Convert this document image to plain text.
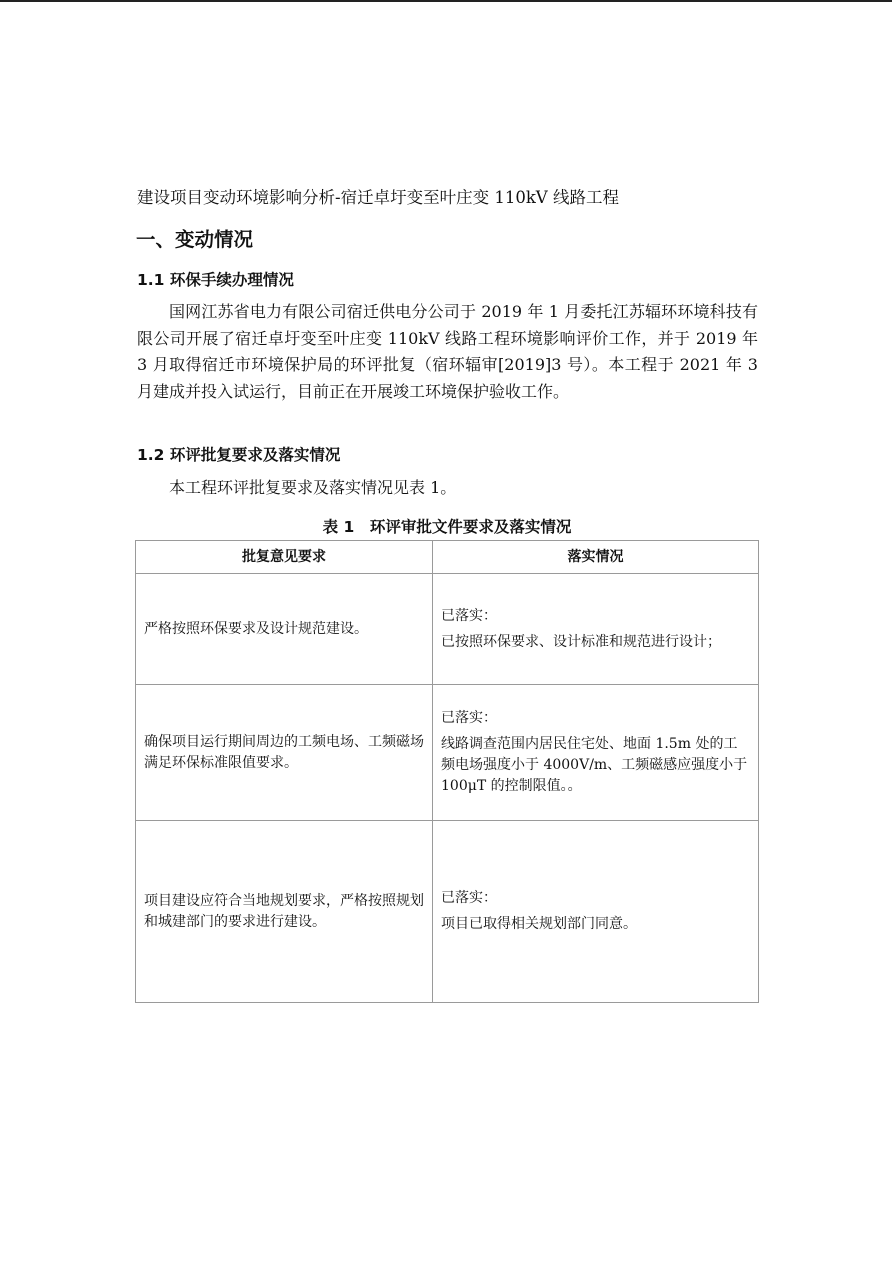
建设项目变动环境影响分析-宿迁卓圩变至叶庄变 110kV 线路工程

一、变动情况
1.1 环保手续办理情况

国网江苏省电力有限公司宿迁供电分公司于 2019 年 1 月委托江苏辐环环境科技有限公司开展了宿迁卓圩变至叶庄变 110kV 线路工程环境影响评价工作，并于 2019 年 3 月取得宿迁市环境保护局的环评批复（宿环辐审[2019]3 号）。本工程于 2021 年 3 月建成并投入试运行，目前正在开展竣工环境保护验收工作。

1.2 环评批复要求及落实情况

本工程环评批复要求及落实情况见表 1。

表 1　环评审批文件要求及落实情况

批复意见要求	落实情况
严格按照环保要求及设计规范建设。	已落实：
已按照环保要求、设计标准和规范进行设计；

确保项目运行期间周边的工频电场、工频磁场满足环保标准限值要求。	已落实：
线路调查范围内居民住宅处、地面 1.5m 处的工频电场强度小于 4000V/m、工频磁感应强度小于 100μT 的控制限值。。

项目建设应符合当地规划要求，严格按照规划和城建部门的要求进行建设。	已落实：
项目已取得相关规划部门同意。
